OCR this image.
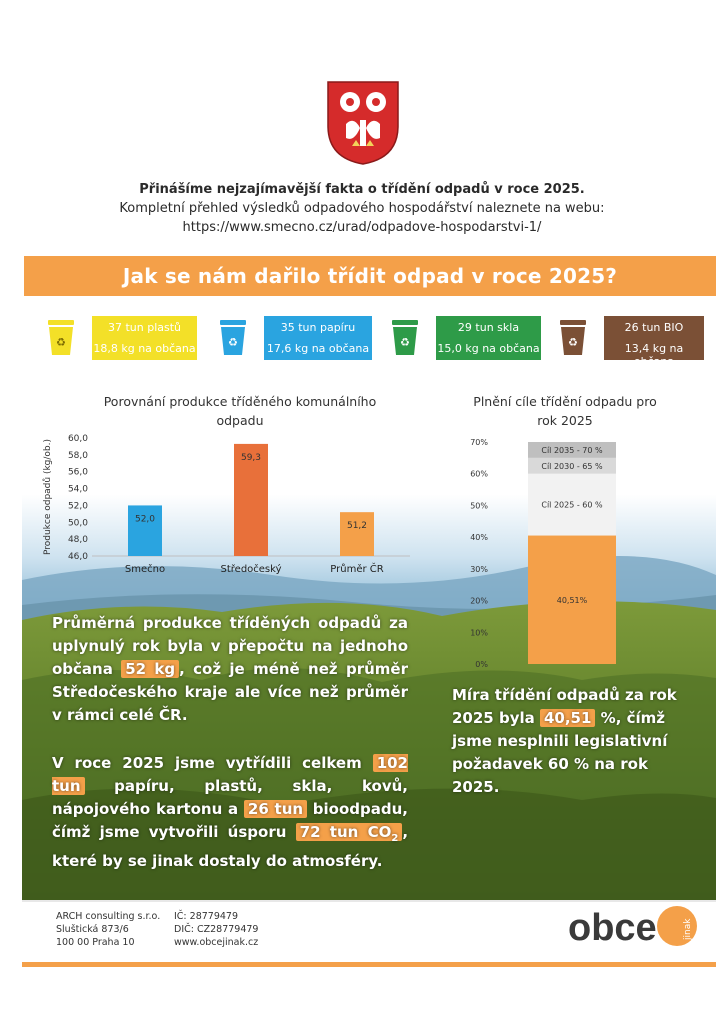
Přinášíme nejzajímavější fakta o třídění odpadů v roce 2025.
Kompletní přehled výsledků odpadového hospodářství naleznete na webu:
https://www.smecno.cz/urad/odpadove-hospodarstvi-1/
Jak se nám dařilo třídit odpad v roce 2025?
♻
37 tun plastů
18,8 kg na občana	♻
35 tun papíru
17,6 kg na občana	♻
29 tun skla
15,0 kg na občana	♻
26 tun BIO
13,4 kg na občana
Porovnání produkce tříděného komunálního odpadu
Produkce odpadů (kg/ob.)
46,0
48,0
50,0
52,0
54,0
56,0
58,0
60,0
52,0
Smečno
59,3
Středočeský
51,2
Průměr ČR
Plnění cíle třídění odpadu pro rok 2025
0%
10%
20%
30%
40%
50%
60%
70%
40,51%
Cíl 2025 - 60 %
Cíl 2030 - 65 %
Cíl 2035 - 70 %
Průměrná produkce tříděných odpadů za uplynulý rok byla v přepočtu na jednoho občana 52 kg , což je méně než průměr Středočeského kraje ale více než průměr v rámci celé ČR.
V roce 2025 jsme vytřídili celkem 102 tun papíru, plastů, skla, kovů, nápojového kartonu a 26 tun bioodpadu, čímž jsme vytvořili úsporu 72 tun $CO_2$ , které by se jinak dostaly do atmosféry.
Míra třídění odpadů za rok 2025 byla 40,51 %, čímž jsme nesplnili legislativní požadavek 60 % na rok 2025.
ARCH consulting s.r.o.
Sluštická 873/6
100 00 Praha 10
IČ: 28779479
DIČ: CZ28779479
www.obcejinak.cz	obce	jinak
